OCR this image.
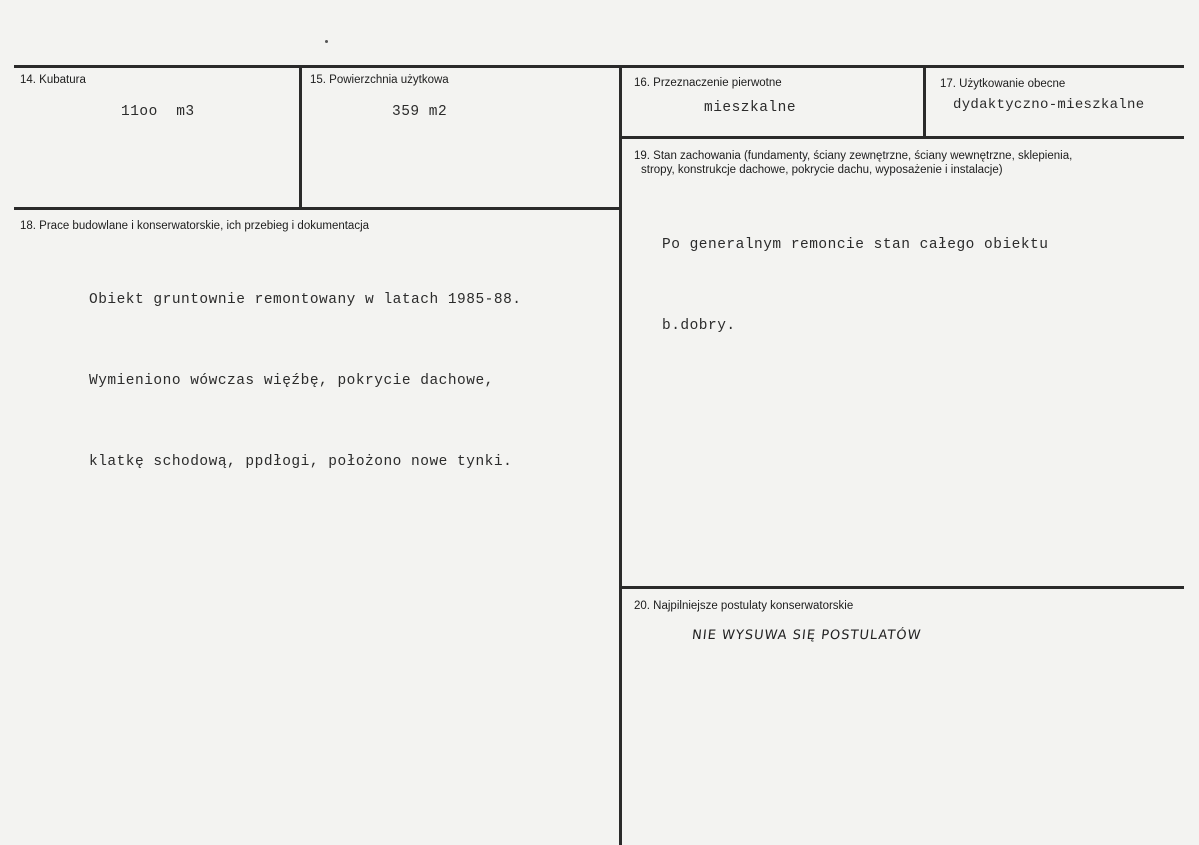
14. Kubatura
11oo  m3
15. Powierzchnia użytkowa
359 m2
16. Przeznaczenie pierwotne
mieszkalne
17. Użytkowanie obecne
dydaktyczno-mieszkalne
18. Prace budowlane i konserwatorskie, ich przebieg i dokumentacja

Obiekt gruntownie remontowany w latach 1985-88.

Wymieniono wówczas więźbę, pokrycie dachowe,

klatkę schodową, ppdłogi, położono nowe tynki.

19. Stan zachowania (fundamenty, ściany zewnętrzne, ściany wewnętrzne, sklepienia,
stropy, konstrukcje dachowe, pokrycie dachu, wyposażenie i instalacje)

Po generalnym remoncie stan całego obiektu

b.dobry.

20. Najpilniejsze postulaty konserwatorskie
NIE WYSUWA SIĘ POSTULATÓW
